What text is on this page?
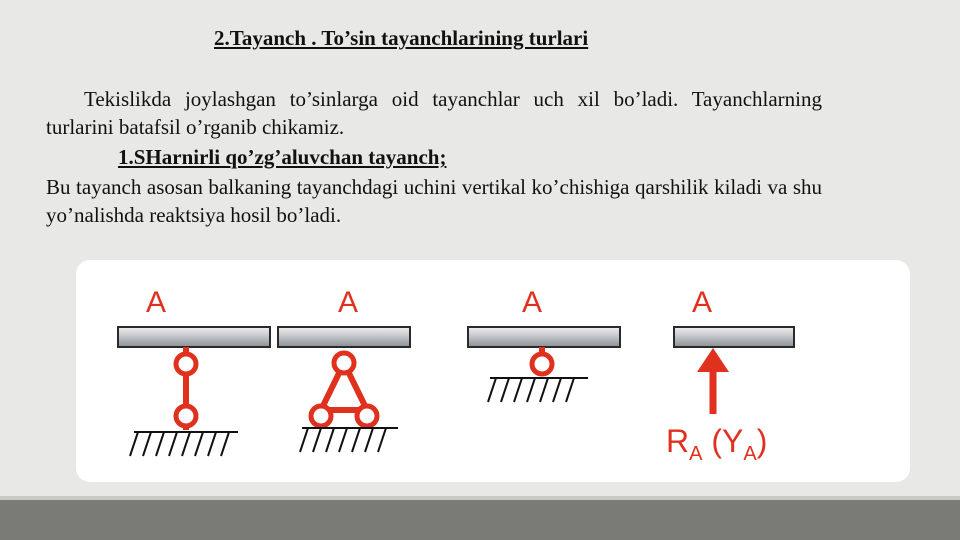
2.Tayanch . To’sin tayanchlarining turlari
Tekislikda joylashgan to’sinlarga oid tayanchlar uch xil bo’ladi. Tayanchlarning turlarini batafsil o’rganib chikamiz.
1.SHarnirli qo’zg’aluvchan tayanch;
Bu tayanch asosan balkaning tayanchdagi uchini vertikal ko’chishiga qarshilik kiladi va shu yo’nalishda reaktsiya hosil bo’ladi.
A	A	A	A
$R_A$ $(Y_A)$
